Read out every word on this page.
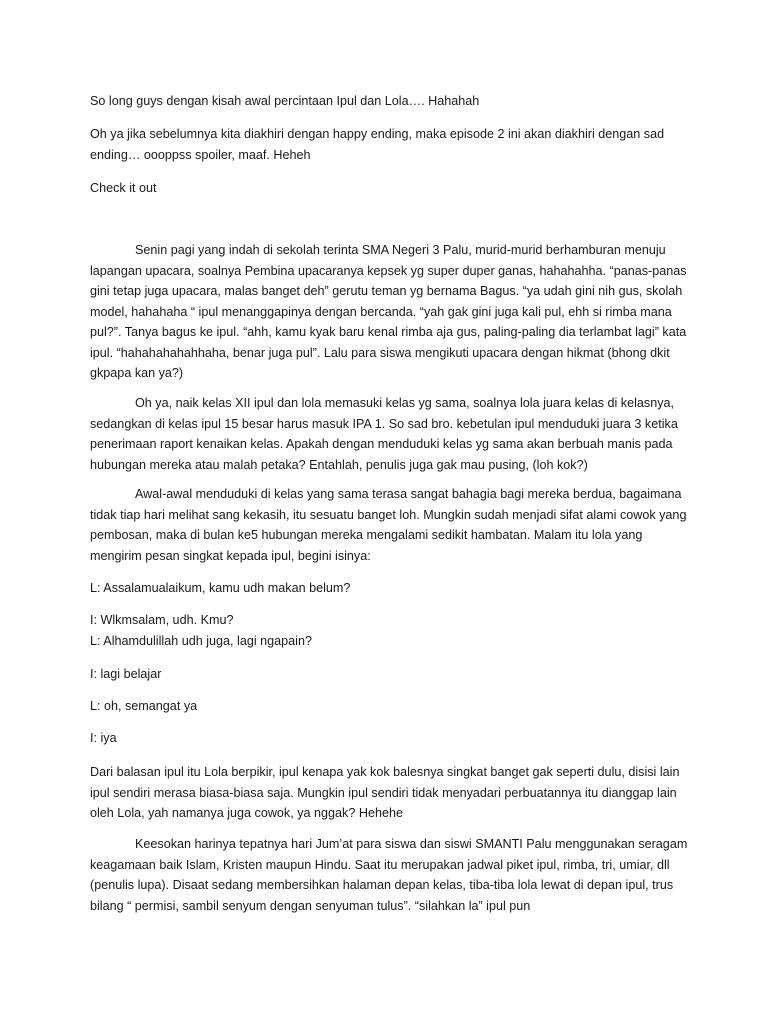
So long guys dengan kisah awal percintaan Ipul dan Lola…. Hahahah
Oh ya jika sebelumnya kita diakhiri dengan happy ending, maka episode 2 ini akan diakhiri dengan sad ending… oooppss spoiler, maaf. Heheh
Check it out
Senin pagi yang indah di sekolah terinta SMA Negeri 3 Palu, murid-murid berhamburan menuju lapangan upacara, soalnya Pembina upacaranya kepsek yg super duper ganas, hahahahha. “panas-panas gini tetap juga upacara, malas banget deh” gerutu teman yg bernama Bagus. “ya udah gini nih gus, skolah model, hahahaha “ ipul menanggapinya dengan bercanda. “yah gak gini juga kali pul, ehh si rimba mana pul?”. Tanya bagus ke ipul. “ahh, kamu kyak baru kenal rimba aja gus, paling-paling dia terlambat lagi” kata ipul. “hahahahahahhaha, benar juga pul”. Lalu para siswa mengikuti upacara dengan hikmat (bhong dkit gkpapa kan ya?)
Oh ya, naik kelas XII ipul dan lola memasuki kelas yg sama, soalnya lola juara kelas di kelasnya, sedangkan di kelas ipul 15 besar harus masuk IPA 1. So sad bro. kebetulan ipul menduduki juara 3 ketika penerimaan raport kenaikan kelas. Apakah dengan menduduki kelas yg sama akan berbuah manis pada hubungan mereka atau malah petaka? Entahlah, penulis juga gak mau pusing, (loh kok?)
Awal-awal menduduki di kelas yang sama terasa sangat bahagia bagi mereka berdua, bagaimana tidak tiap hari melihat sang kekasih, itu sesuatu banget loh. Mungkin sudah menjadi sifat alami cowok yang pembosan, maka di bulan ke5 hubungan mereka mengalami sedikit hambatan. Malam itu lola yang mengirim pesan singkat kepada ipul, begini isinya:
L: Assalamualaikum, kamu udh makan belum?
I: Wlkmsalam, udh. Kmu?
L: Alhamdulillah udh juga, lagi ngapain?
I: lagi belajar
L: oh, semangat ya
I: iya
Dari balasan ipul itu Lola berpikir, ipul kenapa yak kok balesnya singkat banget gak seperti dulu, disisi lain ipul sendiri merasa biasa-biasa saja. Mungkin ipul sendiri tidak menyadari perbuatannya itu dianggap lain oleh Lola, yah namanya juga cowok, ya nggak? Hehehe
Keesokan harinya tepatnya hari Jum’at para siswa dan siswi SMANTI Palu menggunakan seragam keagamaan baik Islam, Kristen maupun Hindu. Saat itu merupakan jadwal piket ipul, rimba, tri, umiar, dll (penulis lupa). Disaat sedang membersihkan halaman depan kelas, tiba-tiba lola lewat di depan ipul, trus bilang “ permisi, sambil senyum dengan senyuman tulus”. “silahkan la” ipul pun
